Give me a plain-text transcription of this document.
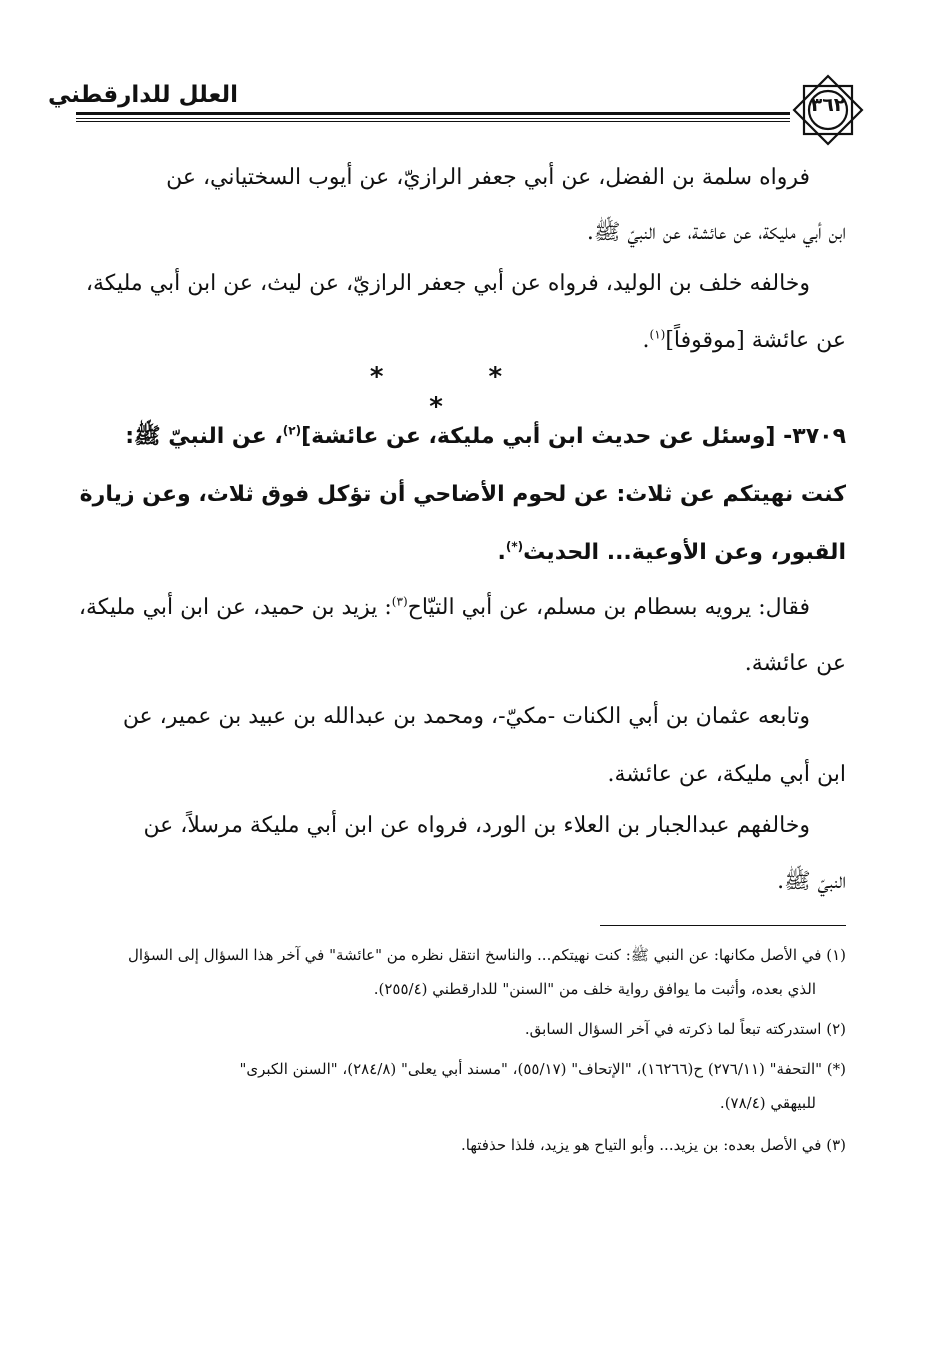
العلل للدارقطني	٣٦٢
فرواه سلمة بن الفضل، عن أبي جعفر الرازيّ، عن أيوب السختياني، عن
ابن أبي مليكة، عن عائشة، عن النبيّ ﷺ.
وخالفه خلف بن الوليد، فرواه عن أبي جعفر الرازيّ، عن ليث، عن ابن أبي مليكة،
عن عائشة [موقوفاً]$^{(١)}$.
* * *
٣٧٠٩- [وسئل عن حديث ابن أبي مليكة، عن عائشة]$^{(٢)}$، عن النبيّ ﷺ:
كنت نهيتكم عن ثلاث: عن لحوم الأضاحي أن تؤكل فوق ثلاث، وعن زيارة
القبور، وعن الأوعية... الحديث(*).
فقال: يرويه بسطام بن مسلم، عن أبي التيّاح$^{(٣)}$: يزيد بن حميد، عن ابن أبي مليكة،
عن عائشة.
وتابعه عثمان بن أبي الكنات -مكيّ-، ومحمد بن عبدالله بن عبيد بن عمير، عن
ابن أبي مليكة، عن عائشة.
وخالفهم عبدالجبار بن العلاء بن الورد، فرواه عن ابن أبي مليكة مرسلاً، عن
النبيّ ﷺ.
(١) في الأصل مكانها: عن النبي ﷺ: كنت نهيتكم... والناسخ انتقل نظره من "عائشة" في آخر هذا السؤال إلى السؤال
الذي بعده، وأثبت ما يوافق رواية خلف من "السنن" للدارقطني (٢٥٥/٤).
(٢) استدركته تبعاً لما ذكرته في آخر السؤال السابق.
(*) "التحفة" (٢٧٦/١١) ح(١٦٢٦٦)، "الإتحاف" (٥٥/١٧)، "مسند أبي يعلى" (٢٨٤/٨)، "السنن الكبرى"
للبيهقي (٧٨/٤).
(٣) في الأصل بعده: بن يزيد... وأبو التياح هو يزيد، فلذا حذفتها.
